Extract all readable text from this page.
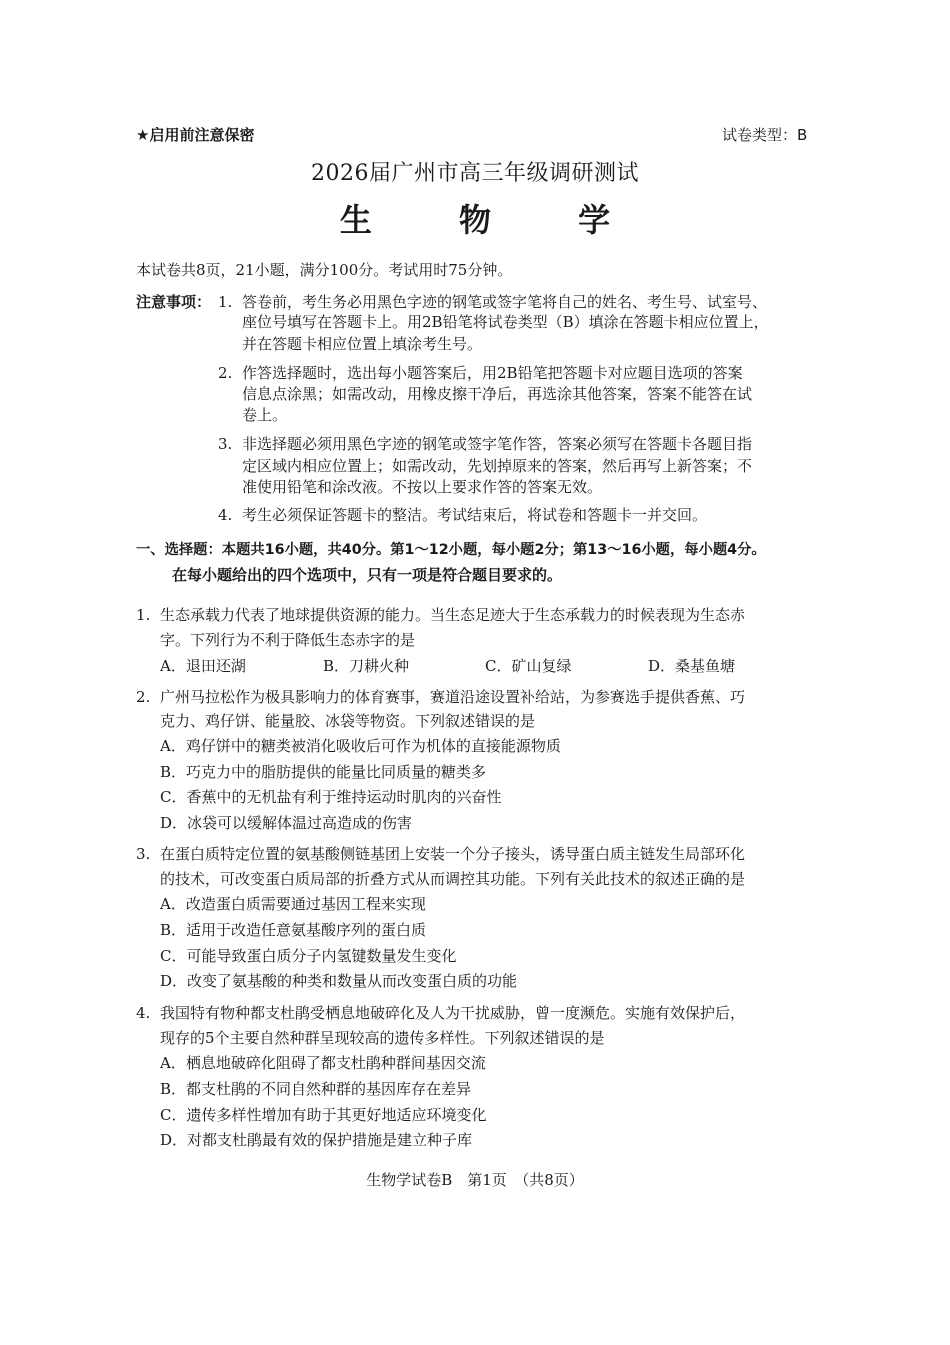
★启用前注意保密	试卷类型：B
2026届广州市高三年级调研测试
生 物 学
本试卷共8页，21小题，满分100分。考试用时75分钟。
注意事项： 1. 答卷前，考生务必用黑色字迹的钢笔或签字笔将自己的姓名、考生号、试室号、
座位号填写在答题卡上。用2B铅笔将试卷类型（B）填涂在答题卡相应位置上，
并在答题卡相应位置上填涂考生号。
2. 作答选择题时，选出每小题答案后，用2B铅笔把答题卡对应题目选项的答案
信息点涂黑；如需改动，用橡皮擦干净后，再选涂其他答案，答案不能答在试
卷上。
3. 非选择题必须用黑色字迹的钢笔或签字笔作答，答案必须写在答题卡各题目指
定区域内相应位置上；如需改动，先划掉原来的答案，然后再写上新答案；不
准使用铅笔和涂改液。不按以上要求作答的答案无效。
4. 考生必须保证答题卡的整洁。考试结束后，将试卷和答题卡一并交回。
一、选择题：本题共16小题，共40分。第1～12小题，每小题2分；第13～16小题，每小题4分。
在每小题给出的四个选项中，只有一项是符合题目要求的。
1. 生态承载力代表了地球提供资源的能力。当生态足迹大于生态承载力的时候表现为生态赤
字。下列行为不利于降低生态赤字的是
A．退田还湖	B．刀耕火种	C．矿山复绿	D．桑基鱼塘
2. 广州马拉松作为极具影响力的体育赛事，赛道沿途设置补给站，为参赛选手提供香蕉、巧
克力、鸡仔饼、能量胶、冰袋等物资。下列叙述错误的是
A．鸡仔饼中的糖类被消化吸收后可作为机体的直接能源物质
B．巧克力中的脂肪提供的能量比同质量的糖类多
C．香蕉中的无机盐有利于维持运动时肌肉的兴奋性
D．冰袋可以缓解体温过高造成的伤害
3. 在蛋白质特定位置的氨基酸侧链基团上安装一个分子接头，诱导蛋白质主链发生局部环化
的技术，可改变蛋白质局部的折叠方式从而调控其功能。下列有关此技术的叙述正确的是
A．改造蛋白质需要通过基因工程来实现
B．适用于改造任意氨基酸序列的蛋白质
C．可能导致蛋白质分子内氢键数量发生变化
D．改变了氨基酸的种类和数量从而改变蛋白质的功能
4. 我国特有物种都支杜鹃受栖息地破碎化及人为干扰威胁，曾一度濒危。实施有效保护后，
现存的5个主要自然种群呈现较高的遗传多样性。下列叙述错误的是
A．栖息地破碎化阻碍了都支杜鹃种群间基因交流
B．都支杜鹃的不同自然种群的基因库存在差异
C．遗传多样性增加有助于其更好地适应环境变化
D．对都支杜鹃最有效的保护措施是建立种子库
生物学试卷B　第1页　（共8页）
